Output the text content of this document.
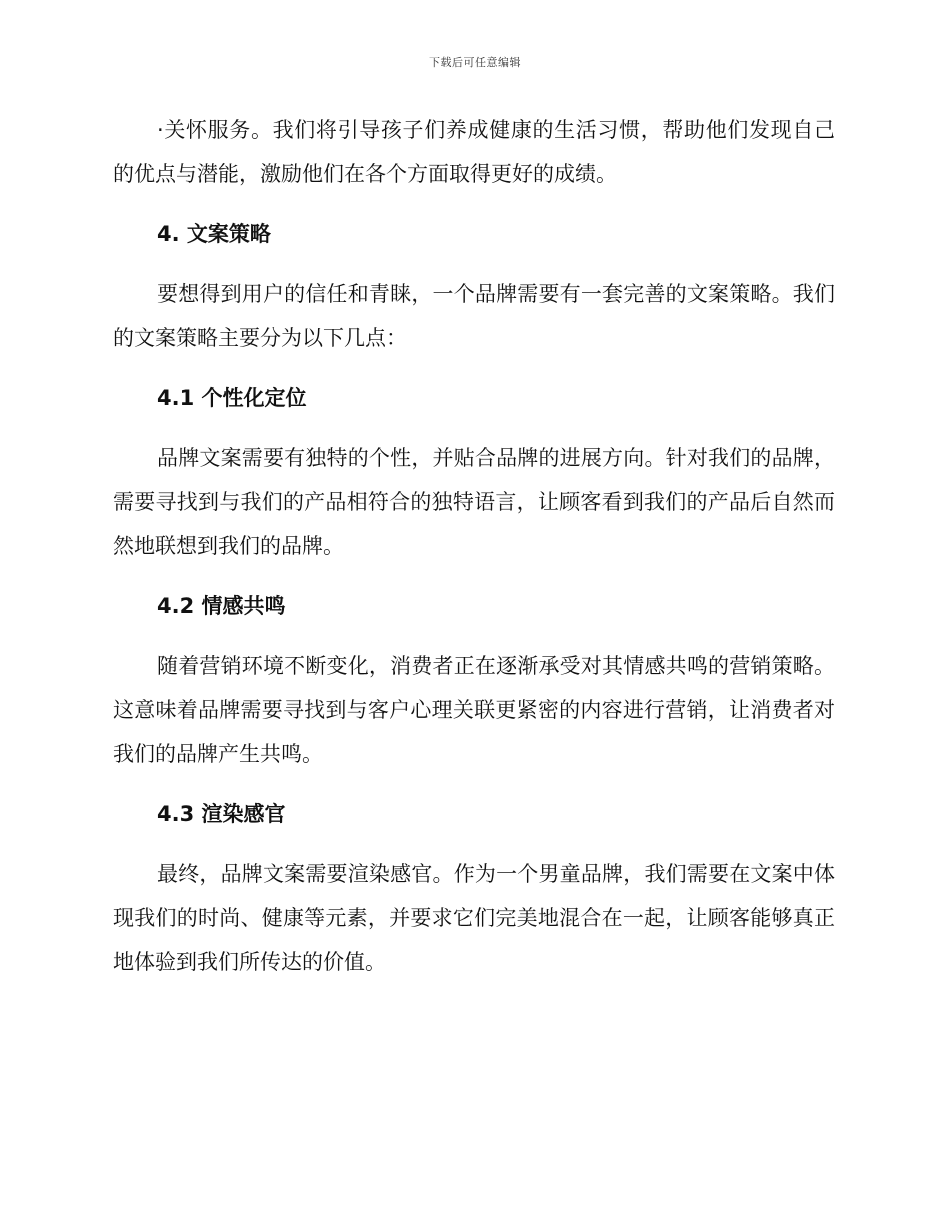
下载后可任意编辑

·关怀服务。我们将引导孩子们养成健康的生活习惯，帮助他们发现自己的优点与潜能，激励他们在各个方面取得更好的成绩。

4. 文案策略

要想得到用户的信任和青睐，一个品牌需要有一套完善的文案策略。我们的文案策略主要分为以下几点：

4.1 个性化定位

品牌文案需要有独特的个性，并贴合品牌的进展方向。针对我们的品牌，需要寻找到与我们的产品相符合的独特语言，让顾客看到我们的产品后自然而然地联想到我们的品牌。

4.2 情感共鸣

随着营销环境不断变化，消费者正在逐渐承受对其情感共鸣的营销策略。这意味着品牌需要寻找到与客户心理关联更紧密的内容进行营销，让消费者对我们的品牌产生共鸣。

4.3 渲染感官

最终，品牌文案需要渲染感官。作为一个男童品牌，我们需要在文案中体现我们的时尚、健康等元素，并要求它们完美地混合在一起，让顾客能够真正地体验到我们所传达的价值。
